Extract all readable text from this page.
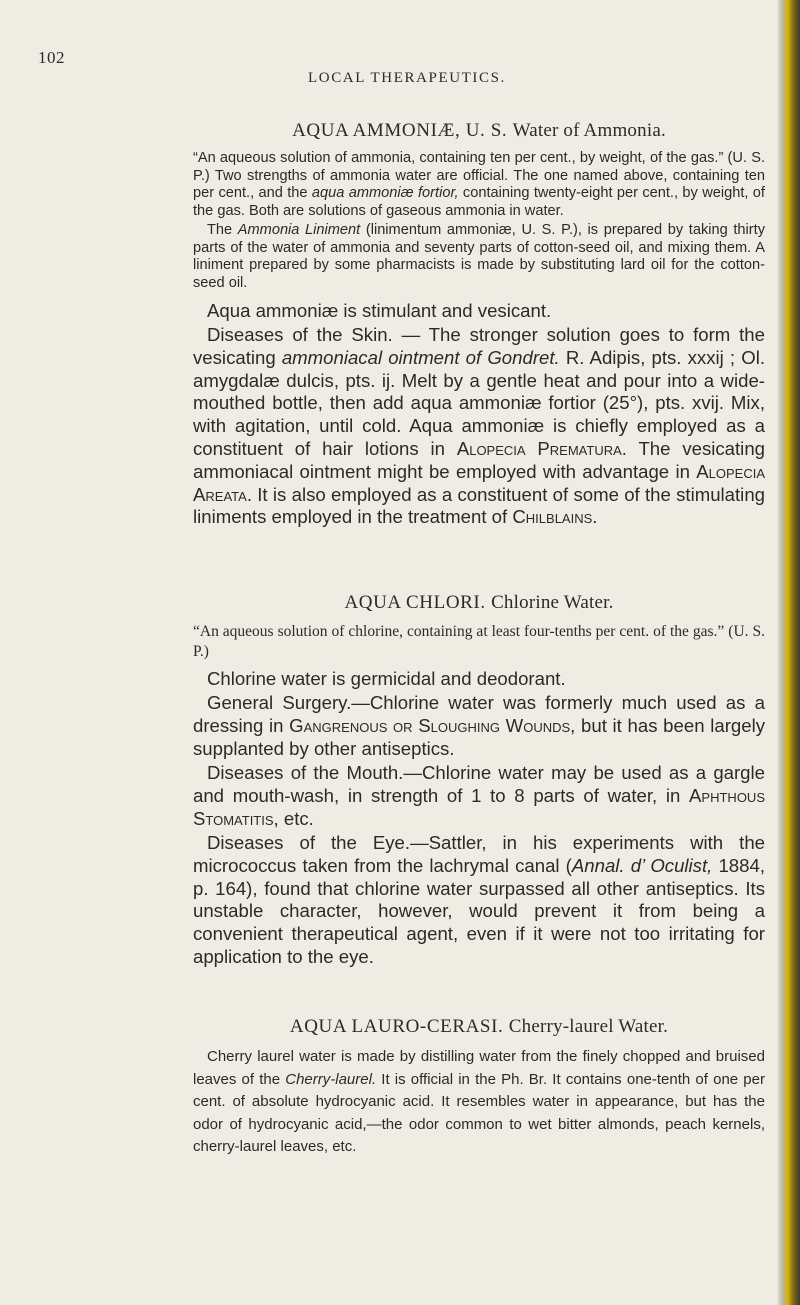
102
LOCAL THERAPEUTICS.

AQUA AMMONIÆ, U. S. Water of Ammonia.

“An aqueous solution of ammonia, containing ten per cent., by weight, of the gas.” (U. S. P.) Two strengths of ammonia water are official. The one named above, containing ten per cent., and the aqua ammoniæ fortior, containing twenty-eight per cent., by weight, of the gas. Both are solutions of gaseous ammonia in water.

The Ammonia Liniment (linimentum ammoniæ, U. S. P.), is prepared by taking thirty parts of the water of ammonia and seventy parts of cotton-seed oil, and mixing them. A liniment prepared by some pharmacists is made by substituting lard oil for the cotton-seed oil.

Aqua ammoniæ is stimulant and vesicant.

Diseases of the Skin. — The stronger solution goes to form the vesicating ammoniacal ointment of Gondret. R. Adipis, pts. xxxij ; Ol. amygdalæ dulcis, pts. ij. Melt by a gentle heat and pour into a wide-mouthed bottle, then add aqua ammoniæ fortior (25°), pts. xvij. Mix, with agitation, until cold. Aqua ammoniæ is chiefly employed as a constituent of hair lotions in Alopecia Prematura. The vesicating ammoniacal ointment might be employed with advantage in Alopecia Areata. It is also employed as a constituent of some of the stimulating liniments employed in the treatment of Chilblains.

AQUA CHLORI. Chlorine Water.

“An aqueous solution of chlorine, containing at least four-tenths per cent. of the gas.” (U. S. P.)

Chlorine water is germicidal and deodorant.

General Surgery.—Chlorine water was formerly much used as a dressing in Gangrenous or Sloughing Wounds, but it has been largely supplanted by other antiseptics.

Diseases of the Mouth.—Chlorine water may be used as a gargle and mouth-wash, in strength of 1 to 8 parts of water, in Aphthous Stomatitis, etc.

Diseases of the Eye.—Sattler, in his experiments with the micrococcus taken from the lachrymal canal (Annal. d’ Oculist, 1884, p. 164), found that chlorine water surpassed all other antiseptics. Its unstable character, however, would prevent it from being a convenient therapeutical agent, even if it were not too irritating for application to the eye.

AQUA LAURO-CERASI. Cherry-laurel Water.

Cherry laurel water is made by distilling water from the finely chopped and bruised leaves of the Cherry-laurel. It is official in the Ph. Br. It contains one-tenth of one per cent. of absolute hydrocyanic acid. It resembles water in appearance, but has the odor of hydrocyanic acid,—the odor common to wet bitter almonds, peach kernels, cherry-laurel leaves, etc.
